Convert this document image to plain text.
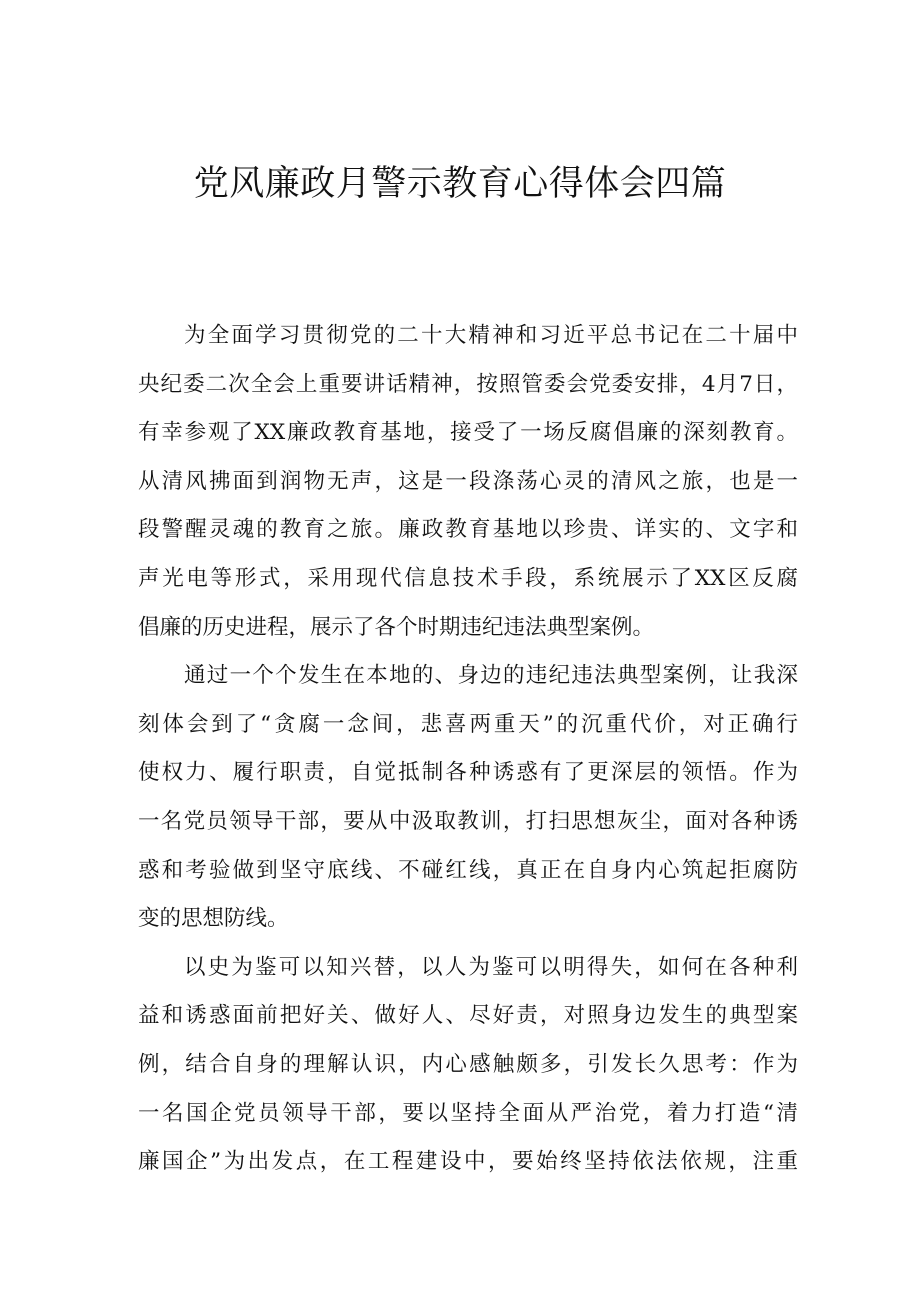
党风廉政月警示教育心得体会四篇
为全面学习贯彻党的二十大精神和习近平总书记在二十届中
央纪委二次全会上重要讲话精神，按照管委会党委安排，4月7日，
有幸参观了XX廉政教育基地，接受了一场反腐倡廉的深刻教育。
从清风拂面到润物无声，这是一段涤荡心灵的清风之旅，也是一
段警醒灵魂的教育之旅。廉政教育基地以珍贵、详实的、文字和
声光电等形式，采用现代信息技术手段，系统展示了XX区反腐
倡廉的历史进程，展示了各个时期违纪违法典型案例。
通过一个个发生在本地的、身边的违纪违法典型案例，让我深
刻体会到了“贪腐一念间，悲喜两重天”的沉重代价，对正确行
使权力、履行职责，自觉抵制各种诱惑有了更深层的领悟。作为
一名党员领导干部，要从中汲取教训，打扫思想灰尘，面对各种诱
惑和考验做到坚守底线、不碰红线，真正在自身内心筑起拒腐防
变的思想防线。
以史为鉴可以知兴替，以人为鉴可以明得失，如何在各种利
益和诱惑面前把好关、做好人、尽好责，对照身边发生的典型案
例，结合自身的理解认识，内心感触颇多，引发长久思考：作为
一名国企党员领导干部，要以坚持全面从严治党，着力打造“清
廉国企”为出发点，在工程建设中，要始终坚持依法依规，注重
